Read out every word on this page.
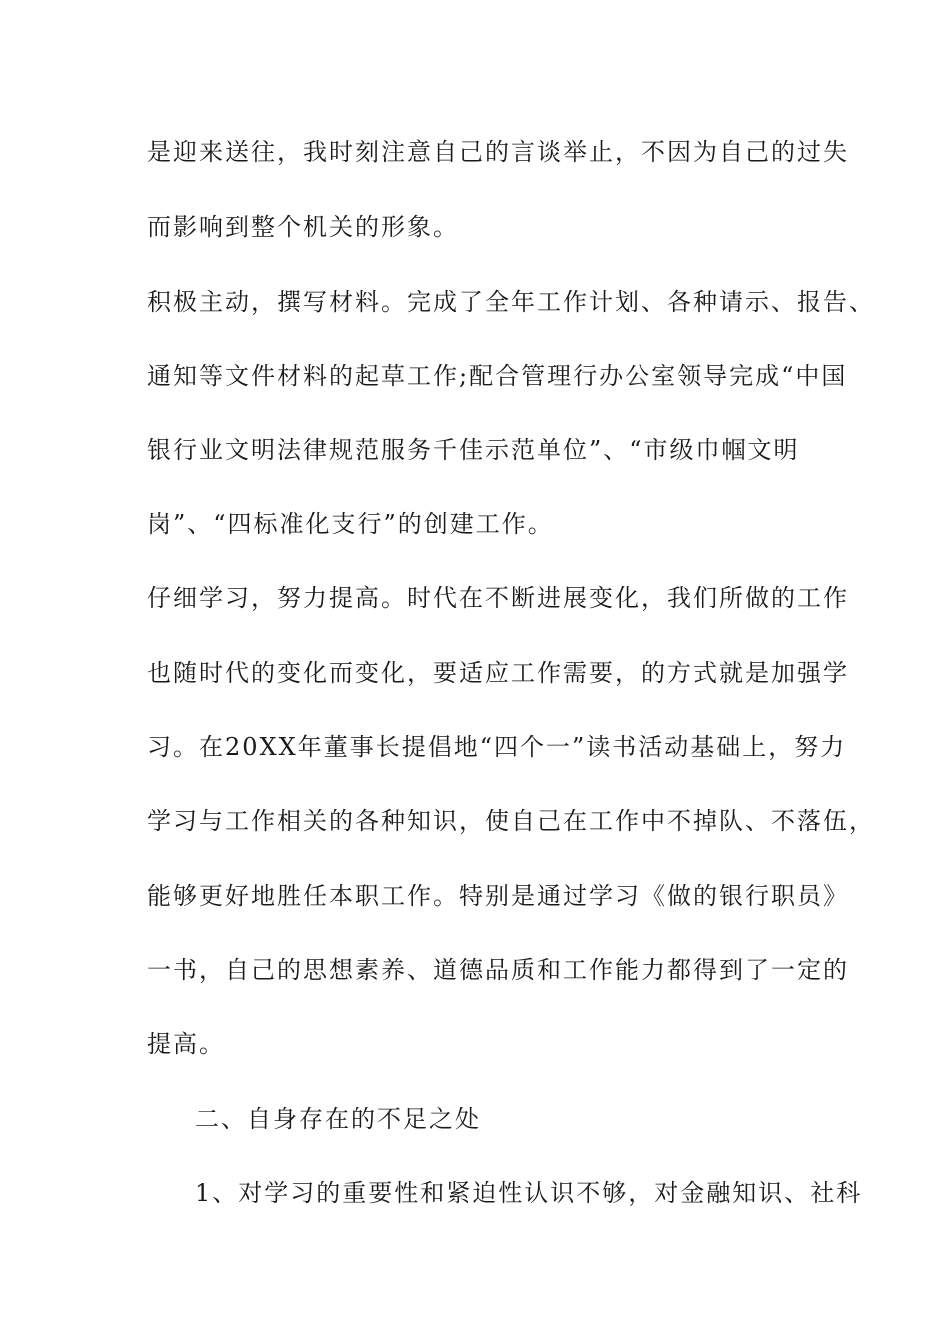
是迎来送往，我时刻注意自己的言谈举止，不因为自己的过失
而影响到整个机关的形象。
积极主动，撰写材料。完成了全年工作计划、各种请示、报告、
通知等文件材料的起草工作;配合管理行办公室领导完成“中国
银行业文明法律规范服务千佳示范单位”、“市级巾帼文明
岗”、“四标准化支行”的创建工作。
仔细学习，努力提高。时代在不断进展变化，我们所做的工作
也随时代的变化而变化，要适应工作需要，的方式就是加强学
习。在20XX年董事长提倡地“四个一”读书活动基础上，努力
学习与工作相关的各种知识，使自己在工作中不掉队、不落伍，
能够更好地胜任本职工作。特别是通过学习《做的银行职员》
一书，自己的思想素养、道德品质和工作能力都得到了一定的
提高。
二、自身存在的不足之处
1、对学习的重要性和紧迫性认识不够，对金融知识、社科
